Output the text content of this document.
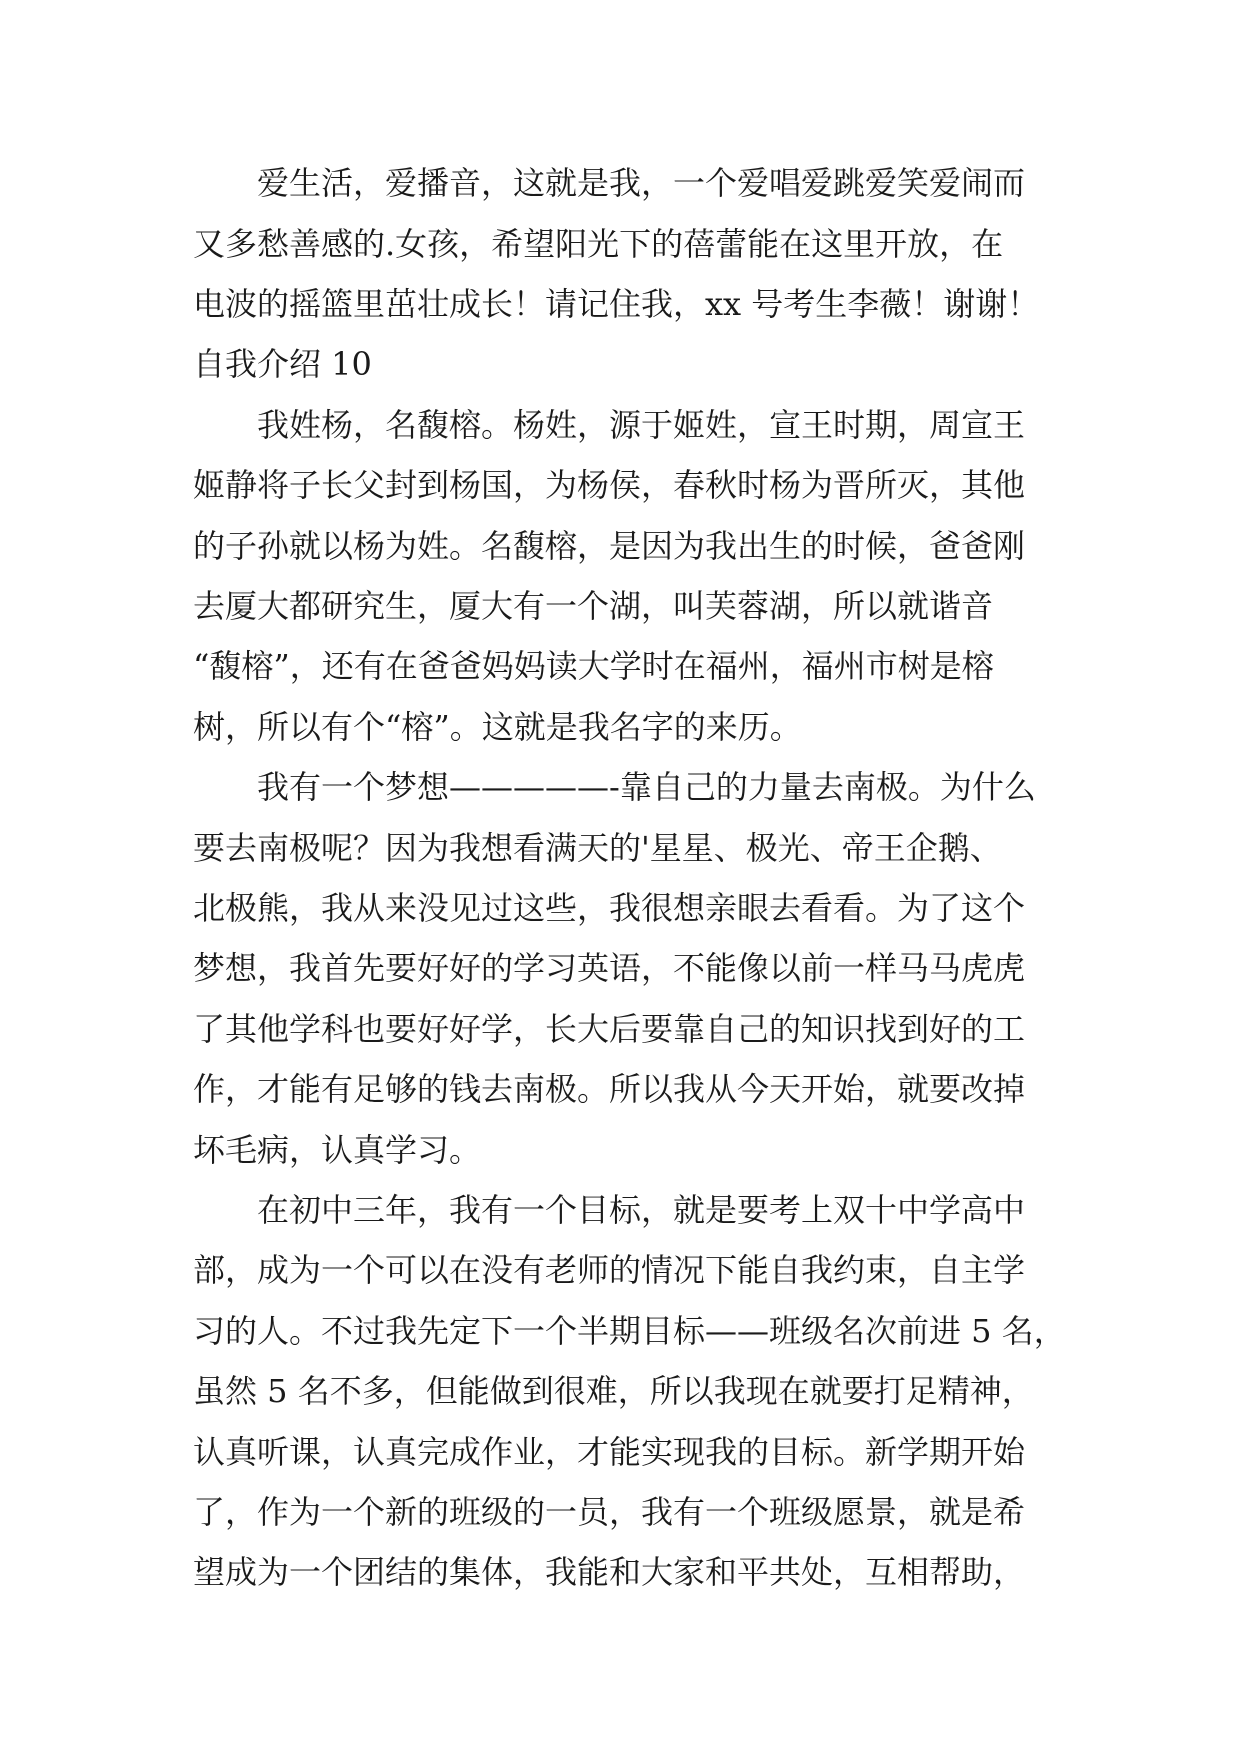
爱生活，爱播音，这就是我，一个爱唱爱跳爱笑爱闹而
又多愁善感的.女孩，希望阳光下的蓓蕾能在这里开放，在
电波的摇篮里茁壮成长！请记住我，xx 号考生李薇！谢谢！
自我介绍 10
我姓杨，名馥榕。杨姓，源于姬姓，宣王时期，周宣王
姬静将子长父封到杨国，为杨侯，春秋时杨为晋所灭，其他
的子孙就以杨为姓。名馥榕，是因为我出生的时候，爸爸刚
去厦大都研究生，厦大有一个湖，叫芙蓉湖，所以就谐音
“馥榕”，还有在爸爸妈妈读大学时在福州，福州市树是榕
树，所以有个“榕”。这就是我名字的来历。
我有一个梦想—————-靠自己的力量去南极。为什么
要去南极呢？因为我想看满天的'星星、极光、帝王企鹅、
北极熊，我从来没见过这些，我很想亲眼去看看。为了这个
梦想，我首先要好好的学习英语，不能像以前一样马马虎虎
了其他学科也要好好学，长大后要靠自己的知识找到好的工
作，才能有足够的钱去南极。所以我从今天开始，就要改掉
坏毛病，认真学习。
在初中三年，我有一个目标，就是要考上双十中学高中
部，成为一个可以在没有老师的情况下能自我约束，自主学
习的人。不过我先定下一个半期目标——班级名次前进 5 名，
虽然 5 名不多，但能做到很难，所以我现在就要打足精神，
认真听课，认真完成作业，才能实现我的目标。新学期开始
了，作为一个新的班级的一员，我有一个班级愿景，就是希
望成为一个团结的集体，我能和大家和平共处，互相帮助，
